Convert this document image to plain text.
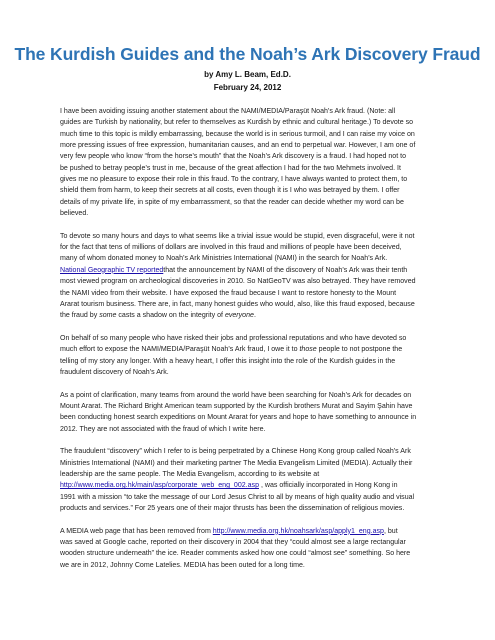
The Kurdish Guides and the Noah’s Ark Discovery Fraud
by Amy L. Beam, Ed.D.
February 24, 2012

I have been avoiding issuing another statement about the NAMI/MEDIA/Paraşüt Noah’s Ark fraud. (Note: all
guides are Turkish by nationality, but refer to themselves as Kurdish by ethnic and cultural heritage.) To devote so
much time to this topic is mildly embarrassing, because the world is in serious turmoil, and I can raise my voice on
more pressing issues of free expression, humanitarian causes, and an end to perpetual war. However, I am one of
very few people who know “from the horse’s mouth” that the Noah’s Ark discovery is a fraud. I had hoped not to
be pushed to betray people’s trust in me, because of the great affection I had for the two Mehmets involved. It
gives me no pleasure to expose their role in this fraud. To the contrary, I have always wanted to protect them, to
shield them from harm, to keep their secrets at all costs, even though it is I who was betrayed by them. I offer
details of my private life, in spite of my embarrassment, so that the reader can decide whether my word can be
believed.

To devote so many hours and days to what seems like a trivial issue would be stupid, even disgraceful, were it not
for the fact that tens of millions of dollars are involved in this fraud and millions of people have been deceived,
many of whom donated money to Noah’s Ark Ministries International (NAMI) in the search for Noah’s Ark.
National Geographic TV reportedthat the announcement by NAMI of the discovery of Noah’s Ark was their tenth
most viewed program on archeological discoveries in 2010. So NatGeoTV was also betrayed. They have removed
the NAMI video from their website. I have exposed the fraud because I want to restore honesty to the Mount
Ararat tourism business. There are, in fact, many honest guides who would, also, like this fraud exposed, because
the fraud by some casts a shadow on the integrity of everyone.

On behalf of so many people who have risked their jobs and professional reputations and who have devoted so
much effort to expose the NAMI/MEDIA/Paraşüt Noah’s Ark fraud, I owe it to those people to not postpone the
telling of my story any longer. With a heavy heart, I offer this insight into the role of the Kurdish guides in the
fraudulent discovery of Noah’s Ark.

As a point of clarification, many teams from around the world have been searching for Noah’s Ark for decades on
Mount Ararat. The Richard Bright American team supported by the Kurdish brothers Murat and Sayim Şahin have
been conducting honest search expeditions on Mount Ararat for years and hope to have something to announce in
2012. They are not associated with the fraud of which I write here.

The fraudulent “discovery” which I refer to is being perpetrated by a Chinese Hong Kong group called Noah’s Ark
Ministries International (NAMI) and their marketing partner The Media Evangelism Limited (MEDIA). Actually their
leadership are the same people. The Media Evangelism, according to its website at
http://www.media.org.hk/main/asp/corporate_web_eng_002.asp , was officially incorporated in Hong Kong in
1991 with a mission “to take the message of our Lord Jesus Christ to all by means of high quality audio and visual
products and services.” For 25 years one of their major thrusts has been the dissemination of religious movies.

A MEDIA web page that has been removed from http://www.media.org.hk/noahsark/asp/apply1_eng.asp, but
was saved at Google cache, reported on their discovery in 2004 that they “could almost see a large rectangular
wooden structure underneath” the ice. Reader comments asked how one could “almost see” something. So here
we are in 2012, Johnny Come Latelies. MEDIA has been outed for a long time.
